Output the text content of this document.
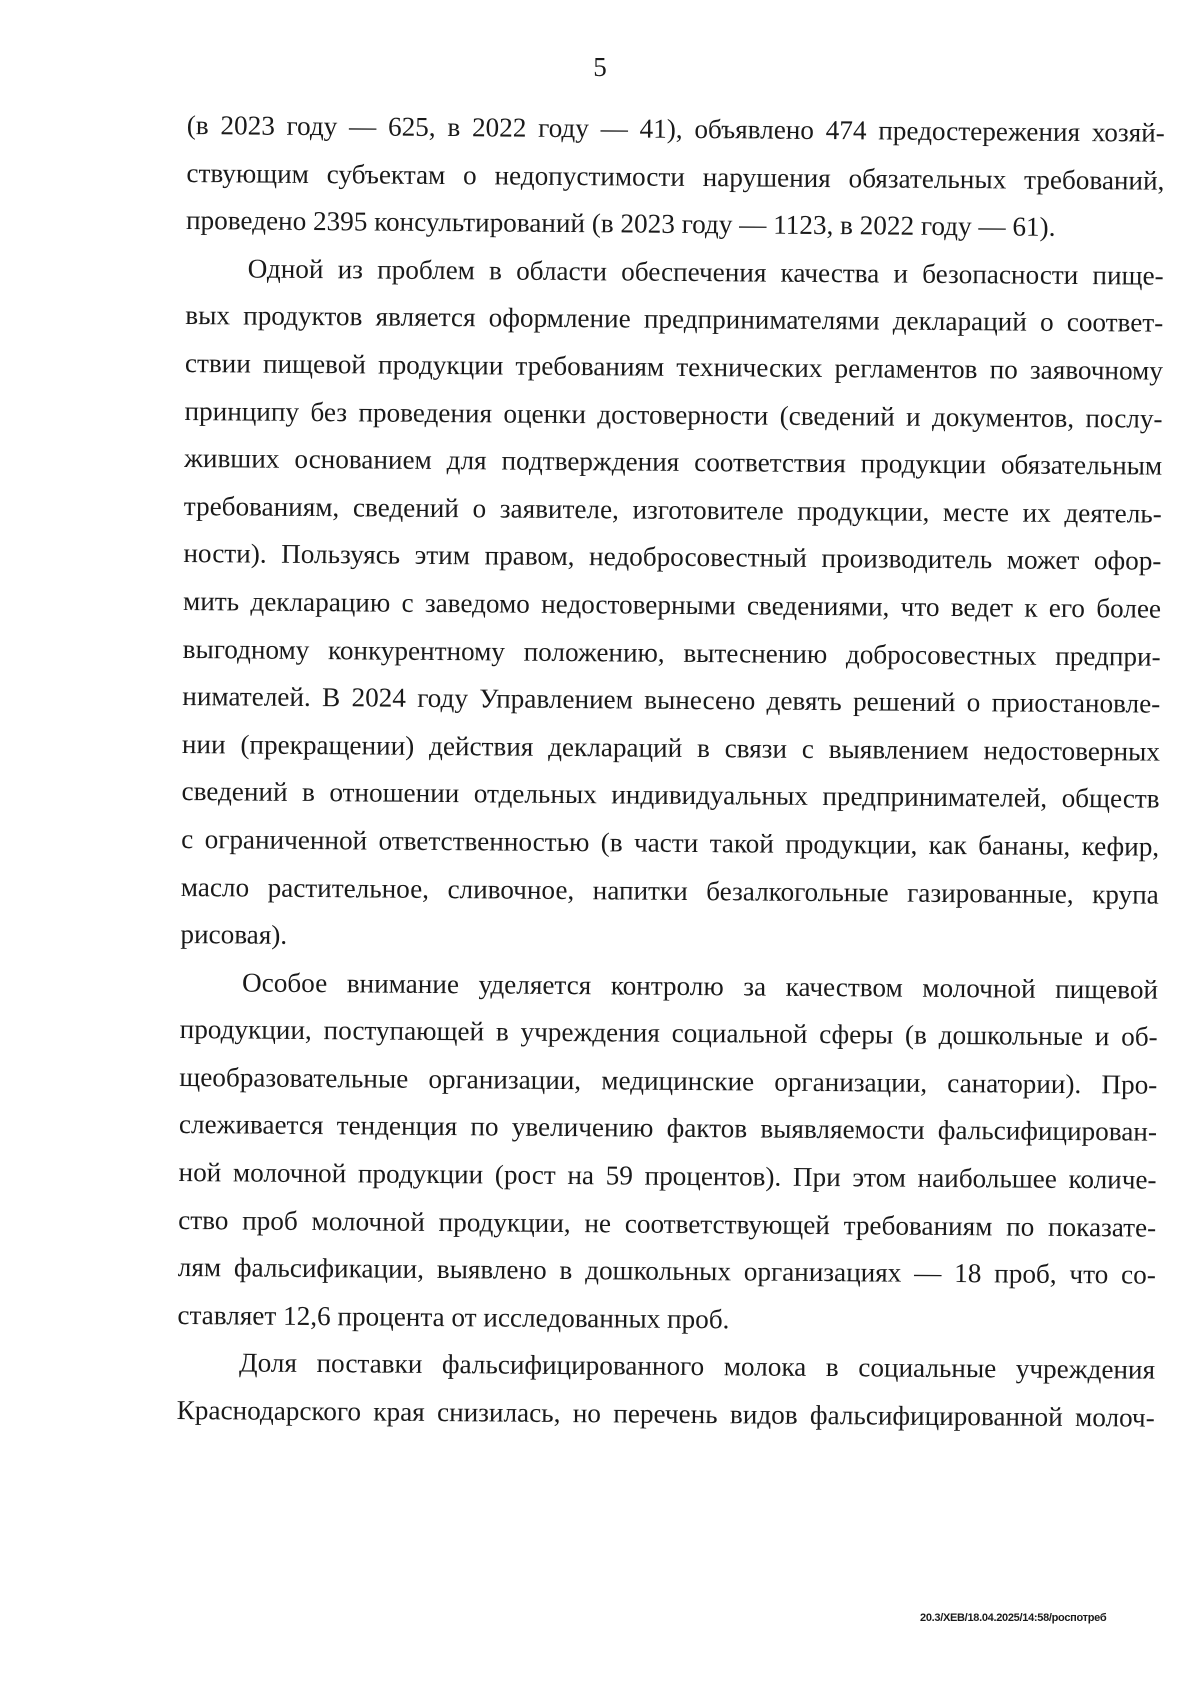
5

(в 2023 году — 625, в 2022 году — 41), объявлено 474 предостережения хозяй-
ствующим субъектам о недопустимости нарушения обязательных требований,
проведено 2395 консультирований (в 2023 году — 1123, в 2022 году — 61).

Одной из проблем в области обеспечения качества и безопасности пище-
вых продуктов является оформление предпринимателями деклараций о соответ-
ствии пищевой продукции требованиям технических регламентов по заявочному
принципу без проведения оценки достоверности (сведений и документов, послу-
живших основанием для подтверждения соответствия продукции обязательным
требованиям, сведений о заявителе, изготовителе продукции, месте их деятель-
ности). Пользуясь этим правом, недобросовестный производитель может офор-
мить декларацию с заведомо недостоверными сведениями, что ведет к его более
выгодному конкурентному положению, вытеснению добросовестных предпри-
нимателей. В 2024 году Управлением вынесено девять решений о приостановле-
нии (прекращении) действия деклараций в связи с выявлением недостоверных
сведений в отношении отдельных индивидуальных предпринимателей, обществ
с ограниченной ответственностью (в части такой продукции, как бананы, кефир,
масло растительное, сливочное, напитки безалкогольные газированные, крупа
рисовая).

Особое внимание уделяется контролю за качеством молочной пищевой
продукции, поступающей в учреждения социальной сферы (в дошкольные и об-
щеобразовательные организации, медицинские организации, санатории). Про-
слеживается тенденция по увеличению фактов выявляемости фальсифицирован-
ной молочной продукции (рост на 59 процентов). При этом наибольшее количе-
ство проб молочной продукции, не соответствующей требованиям по показате-
лям фальсификации, выявлено в дошкольных организациях — 18 проб, что со-
ставляет 12,6 процента от исследованных проб.

Доля поставки фальсифицированного молока в социальные учреждения
Краснодарского края снизилась, но перечень видов фальсифицированной молоч-

20.3/ХЕВ/18.04.2025/14:58/роспотреб
